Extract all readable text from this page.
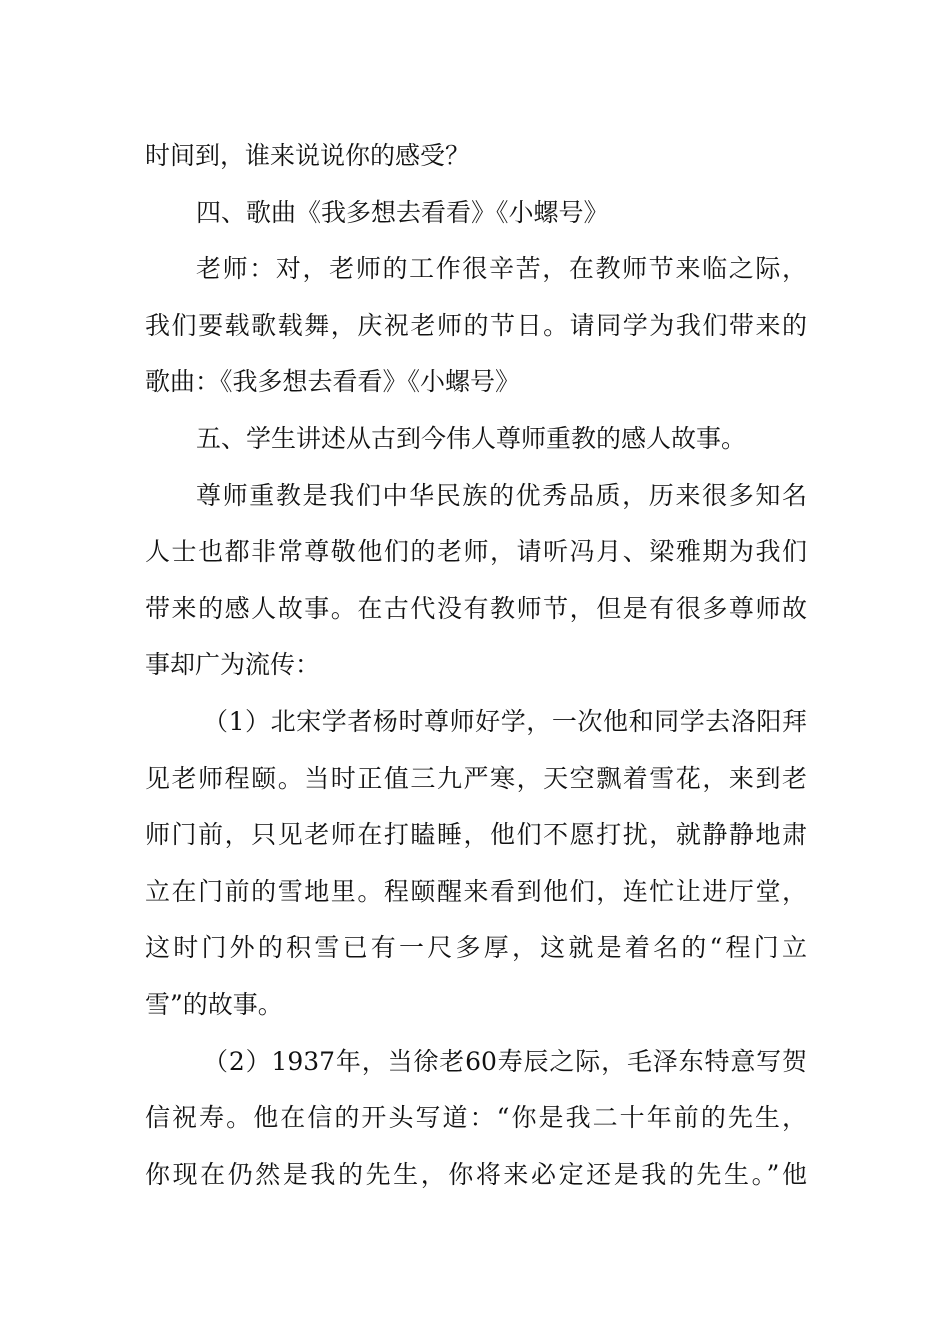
时间到，谁来说说你的感受？
四、歌曲《我多想去看看》《小螺号》
老师：对，老师的工作很辛苦，在教师节来临之际，
我们要载歌载舞，庆祝老师的节日。请同学为我们带来的
歌曲：《我多想去看看》《小螺号》
五、学生讲述从古到今伟人尊师重教的感人故事。
尊师重教是我们中华民族的优秀品质，历来很多知名
人士也都非常尊敬他们的老师，请听冯月、梁雅期为我们
带来的感人故事。在古代没有教师节，但是有很多尊师故
事却广为流传：
（1）北宋学者杨时尊师好学，一次他和同学去洛阳拜
见老师程颐。当时正值三九严寒，天空飘着雪花，来到老
师门前，只见老师在打瞌睡，他们不愿打扰，就静静地肃
立在门前的雪地里。程颐醒来看到他们，连忙让进厅堂，
这时门外的积雪已有一尺多厚，这就是着名的“程门立
雪”的故事。
（2）1937年，当徐老60寿辰之际，毛泽东特意写贺
信祝寿。他在信的开头写道：“你是我二十年前的先生，
你现在仍然是我的先生，你将来必定还是我的先生。”他
